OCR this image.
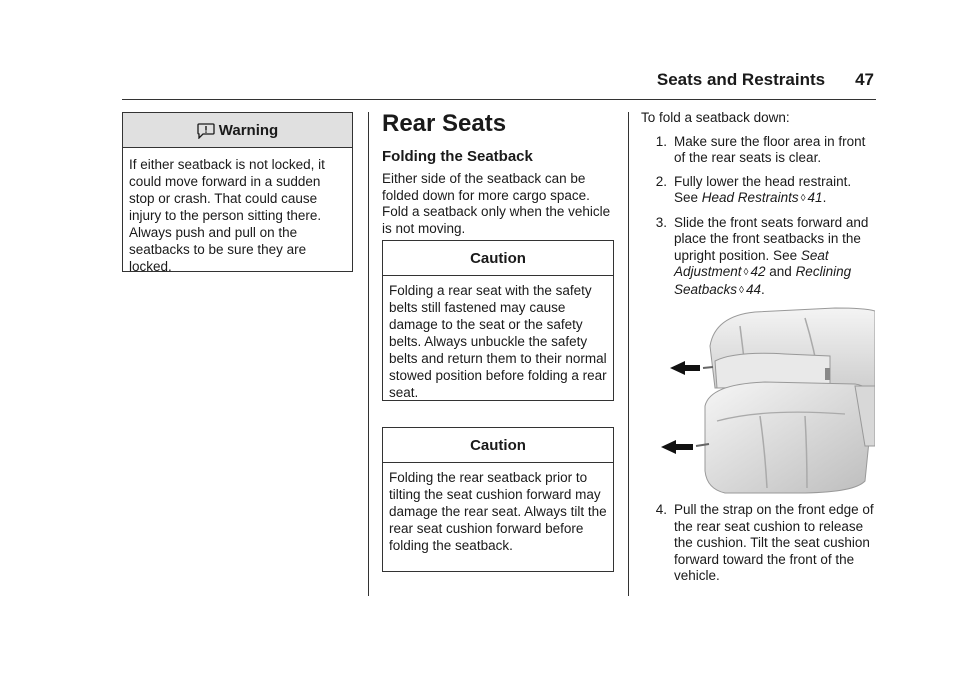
Seats and Restraints 47
Warning

If either seatback is not locked, it could move forward in a sudden stop or crash. That could cause injury to the person sitting there. Always push and pull on the seatbacks to be sure they are locked.

Rear Seats
Folding the Seatback

Either side of the seatback can be folded down for more cargo space. Fold a seatback only when the vehicle is not moving.

Caution

Folding a rear seat with the safety belts still fastened may cause damage to the seat or the safety belts. Always unbuckle the safety belts and return them to their normal stowed position before folding a rear seat.

Caution

Folding the rear seatback prior to tilting the seat cushion forward may damage the rear seat. Always tilt the rear seat cushion forward before folding the seatback.

To fold a seatback down:

1. Make sure the floor area in front of the rear seats is clear.
2. Fully lower the head restraint. See Head Restraints ◊ 41.
3. Slide the front seats forward and place the front seatbacks in the upright position. See Seat Adjustment ◊ 42 and Reclining Seatbacks ◊ 44.
4. Pull the strap on the front edge of the rear seat cushion to release the cushion. Tilt the seat cushion forward toward the front of the vehicle.
